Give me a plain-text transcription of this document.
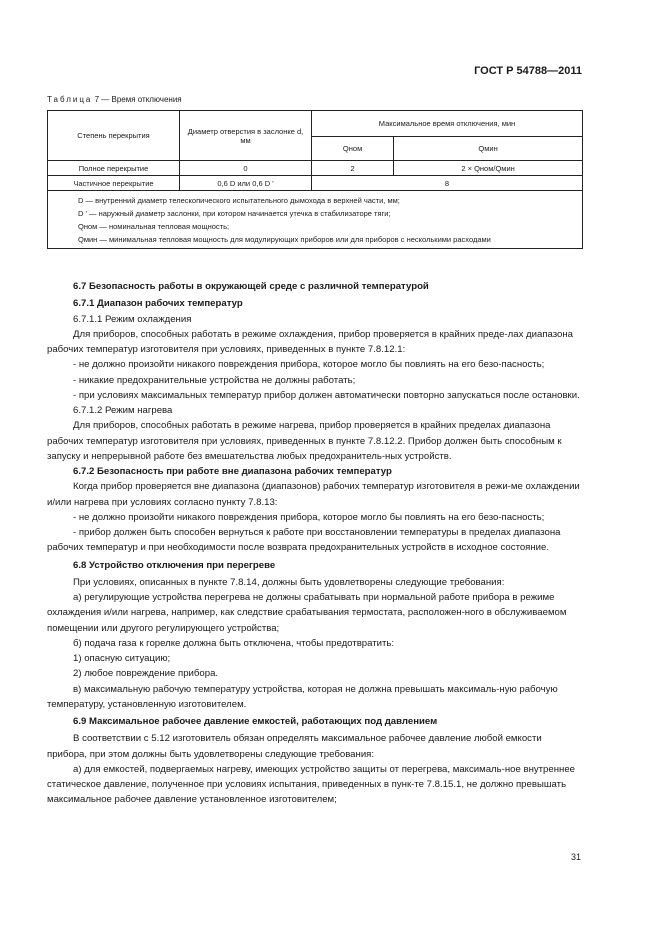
ГОСТ Р 54788—2011
Таблица 7 — Время отключения
Степень перекрытия	Диаметр отверстия в заслонке d, мм	Максимальное время отключения, мин	
		Qном	Qмин
Полное перекрытие	0	2	2 × Qном/Qмин
Частичное перекрытие	0,6 D или 0,6 D '	8	

D — внутренний диаметр телескопического испытательного дымохода в верхней части, мм;
D ' — наружный диаметр заслонки, при котором начинается утечка в стабилизаторе тяги;
Qном — номинальная тепловая мощность;
Qмин — минимальная тепловая мощность для модулирующих приборов или для приборов с несколькими расходами			

6.7 Безопасность работы в окружающей среде с различной температурой

6.7.1 Диапазон рабочих температур

6.7.1.1 Режим охлаждения

Для приборов, способных работать в режиме охлаждения, прибор проверяется в крайних преде-лах диапазона рабочих температур изготовителя при условиях, приведенных в пункте 7.8.12.1:

- не должно произойти никакого повреждения прибора, которое могло бы повлиять на его безо-пасность;

- никакие предохранительные устройства не должны работать;

- при условиях максимальных температур прибор должен автоматически повторно запускаться после остановки.

6.7.1.2 Режим нагрева

Для приборов, способных работать в режиме нагрева, прибор проверяется в крайних пределах диапазона рабочих температур изготовителя при условиях, приведенных в пункте 7.8.12.2. Прибор должен быть способным к запуску и непрерывной работе без вмешательства любых предохранитель-ных устройств.

6.7.2 Безопасность при работе вне диапазона рабочих температур

Когда прибор проверяется вне диапазона (диапазонов) рабочих температур изготовителя в режи-ме охлаждении и/или нагрева при условиях согласно пункту 7.8.13:

- не должно произойти никакого повреждения прибора, которое могло бы повлиять на его безо-пасность;

- прибор должен быть способен вернуться к работе при восстановлении температуры в пределах диапазона рабочих температур и при необходимости после возврата предохранительных устройств в исходное состояние.

6.8 Устройство отключения при перегреве

При условиях, описанных в пункте 7.8.14, должны быть удовлетворены следующие требования:

а) регулирующие устройства перегрева не должны срабатывать при нормальной работе прибора в режиме охлаждения и/или нагрева, например, как следствие срабатывания термостата, расположен-ного в обслуживаемом помещении или другого регулирующего устройства;

б) подача газа к горелке должна быть отключена, чтобы предотвратить:

1) опасную ситуацию;

2) любое повреждение прибора.

в) максимальную рабочую температуру устройства, которая не должна превышать максималь-ную рабочую температуру, установленную изготовителем.

6.9 Максимальное рабочее давление емкостей, работающих под давлением

В соответствии с 5.12 изготовитель обязан определять максимальное рабочее давление любой емкости прибора, при этом должны быть удовлетворены следующие требования:

а) для емкостей, подвергаемых нагреву, имеющих устройство защиты от перегрева, максималь-ное внутреннее статическое давление, полученное при условиях испытания, приведенных в пунк-те 7.8.15.1, не должно превышать максимальное рабочее давление установленное изготовителем;

31
